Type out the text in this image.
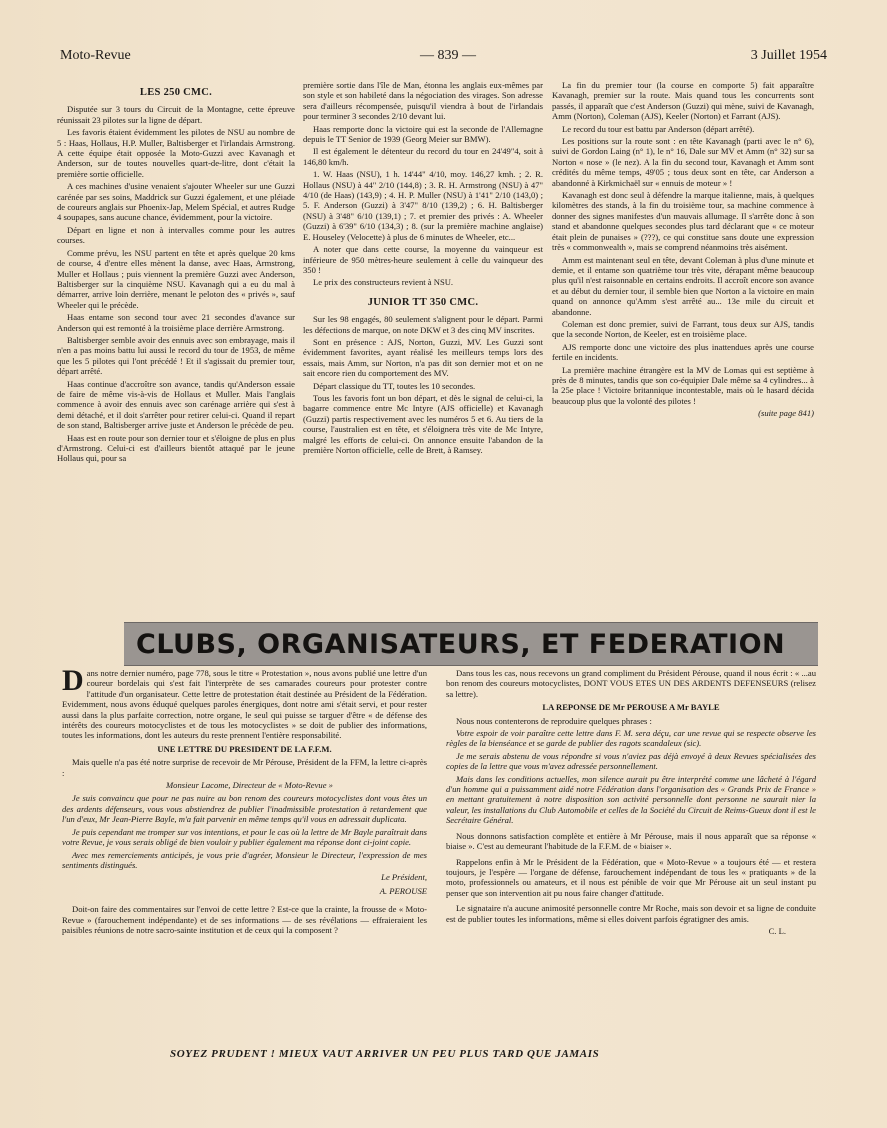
Moto-Revue	— 839 —	3 Juillet 1954
LES 250 CMC.

Disputée sur 3 tours du Circuit de la Montagne, cette épreuve réunissait 23 pilotes sur la ligne de départ.

Les favoris étaient évidemment les pilotes de NSU au nombre de 5 : Haas, Hollaus, H.P. Muller, Baltisberger et l'irlandais Armstrong. A cette équipe était opposée la Moto-Guzzi avec Kavanagh et Anderson, sur de toutes nouvelles quart-de-litre, dont c'était la première sortie officielle.

A ces machines d'usine venaient s'ajouter Wheeler sur une Guzzi carénée par ses soins, Maddrick sur Guzzi également, et une pléiade de coureurs anglais sur Phoenix-Jap, Melem Spécial, et autres Rudge 4 soupapes, sans aucune chance, évidemment, pour la victoire.

Départ en ligne et non à intervalles comme pour les autres courses.

Comme prévu, les NSU partent en tête et après quelque 20 kms de course, 4 d'entre elles mènent la danse, avec Haas, Armstrong, Muller et Hollaus ; puis viennent la première Guzzi avec Anderson, Baltisberger sur la cinquième NSU. Kavanagh qui a eu du mal à démarrer, arrive loin derrière, menant le peloton des « privés », sauf Wheeler qui le précède.

Haas entame son second tour avec 21 secondes d'avance sur Anderson qui est remonté à la troisième place derrière Armstrong.

Baltisberger semble avoir des ennuis avec son embrayage, mais il n'en a pas moins battu lui aussi le record du tour de 1953, de même que les 5 pilotes qui l'ont précédé ! Et il s'agissait du premier tour, départ arrêté.

Haas continue d'accroître son avance, tandis qu'Anderson essaie de faire de même vis-à-vis de Hollaus et Muller. Mais l'anglais commence à avoir des ennuis avec son carénage arrière qui s'est à demi détaché, et il doit s'arrêter pour retirer celui-ci. Quand il repart de son stand, Baltisberger arrive juste et Anderson le précède de peu.

Haas est en route pour son dernier tour et s'éloigne de plus en plus d'Armstrong. Celui-ci est d'ailleurs bientôt attaqué par le jeune Hollaus qui, pour sa

première sortie dans l'île de Man, étonna les anglais eux-mêmes par son style et son habileté dans la négociation des virages. Son adresse sera d'ailleurs récompensée, puisqu'il viendra à bout de l'irlandais pour terminer 3 secondes 2/10 devant lui.

Haas remporte donc la victoire qui est la seconde de l'Allemagne depuis le TT Senior de 1939 (Georg Meier sur BMW).

Il est également le détenteur du record du tour en 24'49"4, soit à 146,80 km/h.

1. W. Haas (NSU), 1 h. 14'44" 4/10, moy. 146,27 kmh. ; 2. R. Hollaus (NSU) à 44" 2/10 (144,8) ; 3. R. H. Armstrong (NSU) à 47" 4/10 (de Haas) (143,9) ; 4. H. P. Muller (NSU) à 1'41" 2/10 (143,0) ; 5. F. Anderson (Guzzi) à 3'47" 8/10 (139,2) ; 6. H. Baltisberger (NSU) à 3'48" 6/10 (139,1) ; 7. et premier des privés : A. Wheeler (Guzzi) à 6'39" 6/10 (134,3) ; 8. (sur la première machine anglaise) E. Houseley (Velocette) à plus de 6 minutes de Wheeler, etc...

A noter que dans cette course, la moyenne du vainqueur est inférieure de 950 mètres-heure seulement à celle du vainqueur des 350 !

Le prix des constructeurs revient à NSU.

JUNIOR TT 350 CMC.

Sur les 98 engagés, 80 seulement s'alignent pour le départ. Parmi les défections de marque, on note DKW et 3 des cinq MV inscrites.

Sont en présence : AJS, Norton, Guzzi, MV. Les Guzzi sont évidemment favorites, ayant réalisé les meilleurs temps lors des essais, mais Amm, sur Norton, n'a pas dit son dernier mot et on ne sait encore rien du comportement des MV.

Départ classique du TT, toutes les 10 secondes.

Tous les favoris font un bon départ, et dès le signal de celui-ci, la bagarre commence entre Mc Intyre (AJS officielle) et Kavanagh (Guzzi) partis respectivement avec les numéros 5 et 6. Au tiers de la course, l'australien est en tête, et s'éloignera très vite de Mc Intyre, malgré les efforts de celui-ci. On annonce ensuite l'abandon de la première Norton officielle, celle de Brett, à Ramsey.

La fin du premier tour (la course en comporte 5) fait apparaître Kavanagh, premier sur la route. Mais quand tous les concurrents sont passés, il apparaît que c'est Anderson (Guzzi) qui mène, suivi de Kavanagh, Amm (Norton), Coleman (AJS), Keeler (Norton) et Farrant (AJS).

Le record du tour est battu par Anderson (départ arrêté).

Les positions sur la route sont : en tête Kavanagh (parti avec le n° 6), suivi de Gordon Laing (n° 1), le n° 16, Dale sur MV et Amm (n° 32) sur sa Norton « nose » (le nez). A la fin du second tour, Kavanagh et Amm sont crédités du même temps, 49'05 ; tous deux sont en tête, car Anderson a abandonné à Kirkmichaël sur « ennuis de moteur » !

Kavanagh est donc seul à défendre la marque italienne, mais, à quelques kilomètres des stands, à la fin du troisième tour, sa machine commence à donner des signes manifestes d'un mauvais allumage. Il s'arrête donc à son stand et abandonne quelques secondes plus tard déclarant que « ce moteur était plein de punaises » (???), ce qui constitue sans doute une expression très « commonwealth », mais se comprend néanmoins très aisément.

Amm est maintenant seul en tête, devant Coleman à plus d'une minute et demie, et il entame son quatrième tour très vite, dérapant même beaucoup plus qu'il n'est raisonnable en certains endroits. Il accroît encore son avance et au début du dernier tour, il semble bien que Norton a la victoire en main quand on annonce qu'Amm s'est arrêté au... 13e mile du circuit et abandonne.

Coleman est donc premier, suivi de Farrant, tous deux sur AJS, tandis que la seconde Norton, de Keeler, est en troisième place.

AJS remporte donc une victoire des plus inattendues après une course fertile en incidents.

La première machine étrangère est la MV de Lomas qui est septième à près de 8 minutes, tandis que son co-équipier Dale même sa 4 cylindres... à la 25e place ! Victoire britannique incontestable, mais où le hasard décida beaucoup plus que la volonté des pilotes !

(suite page 841)
CLUBS, ORGANISATEURS, ET FEDERATION

Dans notre dernier numéro, page 778, sous le titre « Protestation », nous avons publié une lettre d'un coureur bordelais qui s'est fait l'interprète de ses camarades coureurs pour protester contre l'attitude d'un organisateur. Cette lettre de protestation était destinée au Président de la Fédération. Evidemment, nous avons éduqué quelques paroles énergiques, dont notre ami s'était servi, et pour rester aussi dans la plus parfaite correction, notre organe, le seul qui puisse se targuer d'être « de défense des intérêts des coureurs motocyclistes et de tous les motocyclistes » se doit de publier des informations, toutes les informations, dont les auteurs du reste prennent l'entière responsabilité.

UNE LETTRE DU PRESIDENT DE LA F.F.M.

Mais quelle n'a pas été notre surprise de recevoir de Mr Pérouse, Président de la FFM, la lettre ci-après :

Monsieur Lacome, Directeur de « Moto-Revue »

Je suis convaincu que pour ne pas nuire au bon renom des coureurs motocyclistes dont vous êtes un des ardents défenseurs, vous vous abstiendrez de publier l'inadmissible protestation à retardement que l'un d'eux, Mr Jean-Pierre Bayle, m'a fait parvenir en même temps qu'il vous en adressait duplicata.

Je puis cependant me tromper sur vos intentions, et pour le cas où la lettre de Mr Bayle paraîtrait dans votre Revue, je vous serais obligé de bien vouloir y publier également ma réponse dont ci-joint copie.

Avec mes remerciements anticipés, je vous prie d'agréer, Monsieur le Directeur, l'expression de mes sentiments distingués.

Le Président,
A. PEROUSE

Doit-on faire des commentaires sur l'envoi de cette lettre ? Est-ce que la crainte, la frousse de « Moto-Revue » (farouchement indépendante) et de ses informations — de ses révélations — effraieraient les paisibles réunions de notre sacro-sainte institution et de ceux qui la composent ?

Dans tous les cas, nous recevons un grand compliment du Président Pérouse, quand il nous écrit : « ...au bon renom des coureurs motocyclistes, DONT VOUS ETES UN DES ARDENTS DEFENSEURS (relisez sa lettre).

LA REPONSE DE Mr PEROUSE A Mr BAYLE

Nous nous contenterons de reproduire quelques phrases :

Votre espoir de voir paraître cette lettre dans F. M. sera déçu, car une revue qui se respecte observe les règles de la bienséance et se garde de publier des ragots scandaleux (sic).

Je me serais abstenu de vous répondre si vous n'aviez pas déjà envoyé à deux Revues spécialisées des copies de la lettre que vous m'avez adressée personnellement.

Mais dans les conditions actuelles, mon silence aurait pu être interprété comme une lâcheté à l'égard d'un homme qui a puissamment aidé notre Fédération dans l'organisation des « Grands Prix de France » en mettant gratuitement à notre disposition son activité personnelle dont personne ne saurait nier la valeur, les installations du Club Automobile et celles de la Société du Circuit de Reims-Gueux dont il est le Secrétaire Général.

Nous donnons satisfaction complète et entière à Mr Pérouse, mais il nous apparaît que sa réponse « biaise ». C'est au demeurant l'habitude de la F.F.M. de « biaiser ».

Rappelons enfin à Mr le Président de la Fédération, que « Moto-Revue » a toujours été — et restera toujours, je l'espère — l'organe de défense, farouchement indépendant de tous les « pratiquants » de la moto, professionnels ou amateurs, et il nous est pénible de voir que Mr Pérouse ait un seul instant pu penser que son intervention ait pu nous faire changer d'attitude.

Le signataire n'a aucune animosité personnelle contre Mr Roche, mais son devoir et sa ligne de conduite est de publier toutes les informations, même si elles doivent parfois égratigner des amis.

C. L.
SOYEZ PRUDENT ! MIEUX VAUT ARRIVER UN PEU PLUS TARD QUE JAMAIS
